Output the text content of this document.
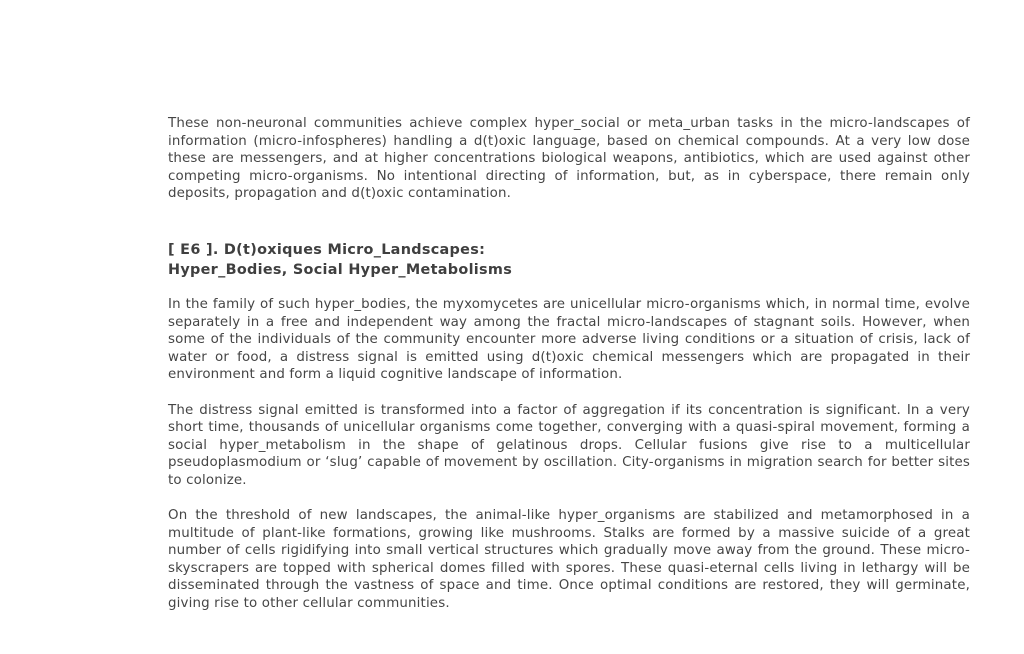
These non-neuronal communities achieve complex hyper_social or meta_urban tasks in the micro-landscapes of information (micro-infospheres) handling a d(t)oxic language, based on chemical compounds. At a very low dose these are messengers, and at higher concentrations biological weapons, antibiotics, which are used against other competing micro-organisms. No intentional directing of information, but, as in cyberspace, there remain only deposits, propagation and d(t)oxic contamination.

[ E6 ]. D(t)oxiques Micro_Landscapes:
Hyper_Bodies, Social Hyper_Metabolisms

In the family of such hyper_bodies, the myxomycetes are unicellular micro-organisms which, in normal time, evolve separately in a free and independent way among the fractal micro-landscapes of stagnant soils. However, when some of the individuals of the community encounter more adverse living conditions or a situation of crisis, lack of water or food, a distress signal is emitted using d(t)oxic chemical messengers which are propagated in their environment and form a liquid cognitive landscape of information.

The distress signal emitted is transformed into a factor of aggregation if its concentration is significant. In a very short time, thousands of unicellular organisms come together, converging with a quasi-spiral movement, forming a social hyper_metabolism in the shape of gelatinous drops. Cellular fusions give rise to a multicellular pseudoplasmodium or ‘slug’ capable of movement by oscillation. City-organisms in migration search for better sites to colonize.

On the threshold of new landscapes, the animal-like hyper_organisms are stabilized and metamorphosed in a multitude of plant-like formations, growing like mushrooms. Stalks are formed by a massive suicide of a great number of cells rigidifying into small vertical structures which gradually move away from the ground. These micro-skyscrapers are topped with spherical domes filled with spores. These quasi-eternal cells living in lethargy will be disseminated through the vastness of space and time. Once optimal conditions are restored, they will germinate, giving rise to other cellular communities.
